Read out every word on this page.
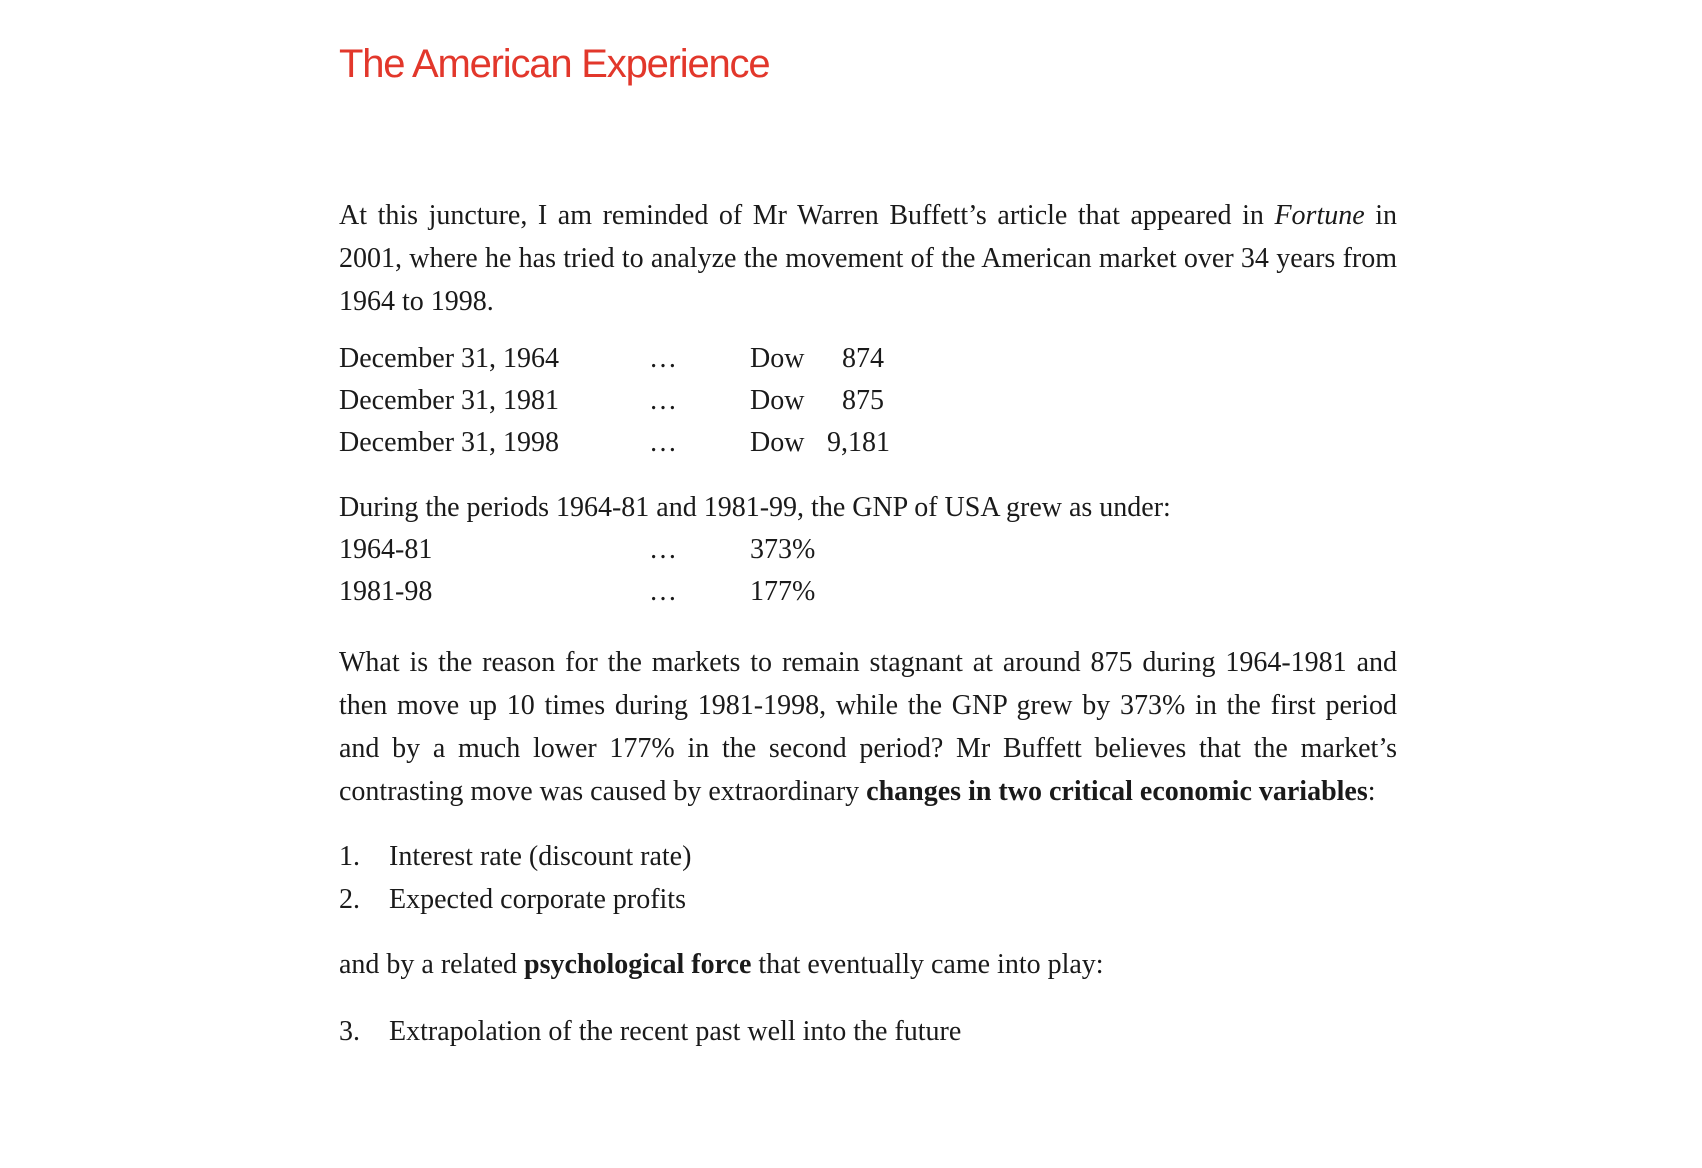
The American Experience

At this juncture, I am reminded of Mr Warren Buffett’s article that appeared in Fortune in 2001, where he has tried to analyze the movement of the American market over 34 years from 1964 to 1998.

December 31, 1964	…	Dow	874
December 31, 1981	…	Dow	875
December 31, 1998	…	Dow 9,181

During the periods 1964-81 and 1981-99, the GNP of USA grew as under:

1964-81	…	373%
1981-98	…	177%

What is the reason for the markets to remain stagnant at around 875 during 1964-1981 and then move up 10 times during 1981-1998, while the GNP grew by 373% in the first period and by a much lower 177% in the second period? Mr Buffett believes that the market’s contrasting move was caused by extraordinary changes in two critical economic variables:

1.	Interest rate (discount rate)
2.	Expected corporate profits

and by a related psychological force that eventually came into play:

3.	Extrapolation of the recent past well into the future
